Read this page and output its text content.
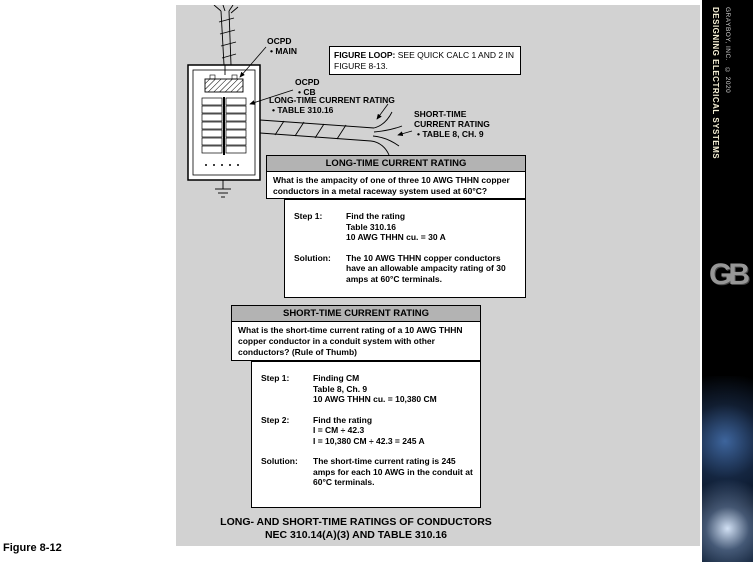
OCPD
• MAIN	FIGURE LOOP: SEE QUICK CALC 1 AND 2 IN FIGURE 8-13.
OCPD
• CB
LONG-TIME CURRENT RATING
• TABLE 310.16	SHORT-TIME
CURRENT RATING
• TABLE 8, CH. 9
LONG-TIME CURRENT RATING
What is the ampacity of one of three 10 AWG THHN copper conductors in a metal raceway system used at 60°C?
Step 1:	Find the rating
Table 310.16
10 AWG THHN cu. = 30 A
Solution:	The 10 AWG THHN copper conductors have an allowable ampacity rating of 30 amps at 60°C terminals.
SHORT-TIME CURRENT RATING
What is the short-time current rating of a 10 AWG THHN copper conductor in a conduit system with other conductors? (Rule of Thumb)
Step 1:	Finding CM
Table 8, Ch. 9
10 AWG THHN cu. = 10,380 CM
Step 2:	Find the rating
I = CM ÷ 42.3
I = 10,380 CM ÷ 42.3 = 245 A
Solution:	The short-time current rating is 245 amps for each 10 AWG in the conduit at 60°C terminals.
LONG- AND SHORT-TIME RATINGS OF CONDUCTORS
NEC 310.14(A)(3) AND TABLE 310.16
Figure 8-12
DESIGNING ELECTRICAL SYSTEMS GRAYBOY, INC. © 2020
GB
